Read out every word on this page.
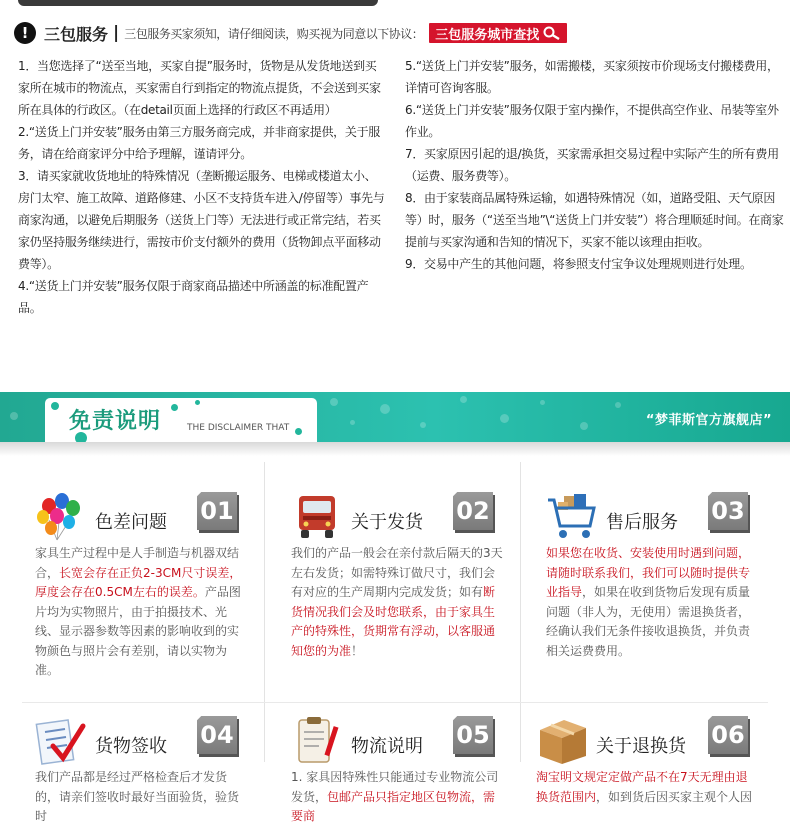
! 三包服务 | 三包服务买家须知，请仔细阅读，购买视为同意以下协议： 三包服务城市查找

1．当您选择了“送至当地，买家自提”服务时，货物是从发货地送到买家所在城市的物流点，买家需自行到指定的物流点提货，不会送到买家所在具体的行政区。（在detail页面上选择的行政区不再适用）

2.“送货上门并安装”服务由第三方服务商完成，并非商家提供，关于服务，请在给商家评分中给予理解，谨请评分。

3．请买家就收货地址的特殊情况（垄断搬运服务、电梯或楼道太小、房门太窄、施工故障、道路修建、小区不支持货车进入/停留等）事先与商家沟通，以避免后期服务（送货上门等）无法进行或正常完结，若买家仍坚持服务继续进行，需按市价支付额外的费用（货物卸点平面移动费等）。

4.“送货上门并安装”服务仅限于商家商品描述中所涵盖的标准配置产品。

5.“送货上门并安装”服务，如需搬楼，买家须按市价现场支付搬楼费用，详情可咨询客服。

6.“送货上门并安装”服务仅限于室内操作，不提供高空作业、吊装等室外作业。

7．买家原因引起的退/换货，买家需承担交易过程中实际产生的所有费用（运费、服务费等）。

8．由于家装商品属特殊运输，如遇特殊情况（如，道路受阻、天气原因等）时，服务（“送至当地”\“送货上门并安装”）将合理顺延时间。在商家提前与买家沟通和告知的情况下，买家不能以该理由拒收。

9．交易中产生的其他问题，将参照支付宝争议处理规则进行处理。

“梦菲斯官方旗舰店”
免责说明	THE DISCLAIMER THAT
色差问题 01
家具生产过程中是人手制造与机器双结合，长宽会存在正负2-3CM尺寸误差，厚度会存在0.5CM左右的误差。产品图片均为实物照片，由于拍摄技术、光线、显示器参数等因素的影响收到的实物颜色与照片会有差别，请以实物为准。
关于发货 02
我们的产品一般会在亲付款后隔天的3天左右发货；如需特殊订做尺寸，我们会有对应的生产周期内完成发货；如有断货情况我们会及时您联系，由于家具生产的特殊性，货期常有浮动，以客服通知您的为准！
售后服务 03
如果您在收货、安装使用时遇到问题，请随时联系我们，我们可以随时提供专业指导，如果在收到货物后发现有质量问题（非人为，无使用）需退换货者，经确认我们无条件接收退换货，并负责相关运费费用。
货物签收 04
我们产品都是经过严格检查后才发货的，请亲们签收时最好当面验货，验货时
物流说明 05
1. 家具因特殊性只能通过专业物流公司发货，包邮产品只指定地区包物流，需要商
关于退换货 06
淘宝明文规定定做产品不在7天无理由退换货范围内，如到货后因买家主观个人因
